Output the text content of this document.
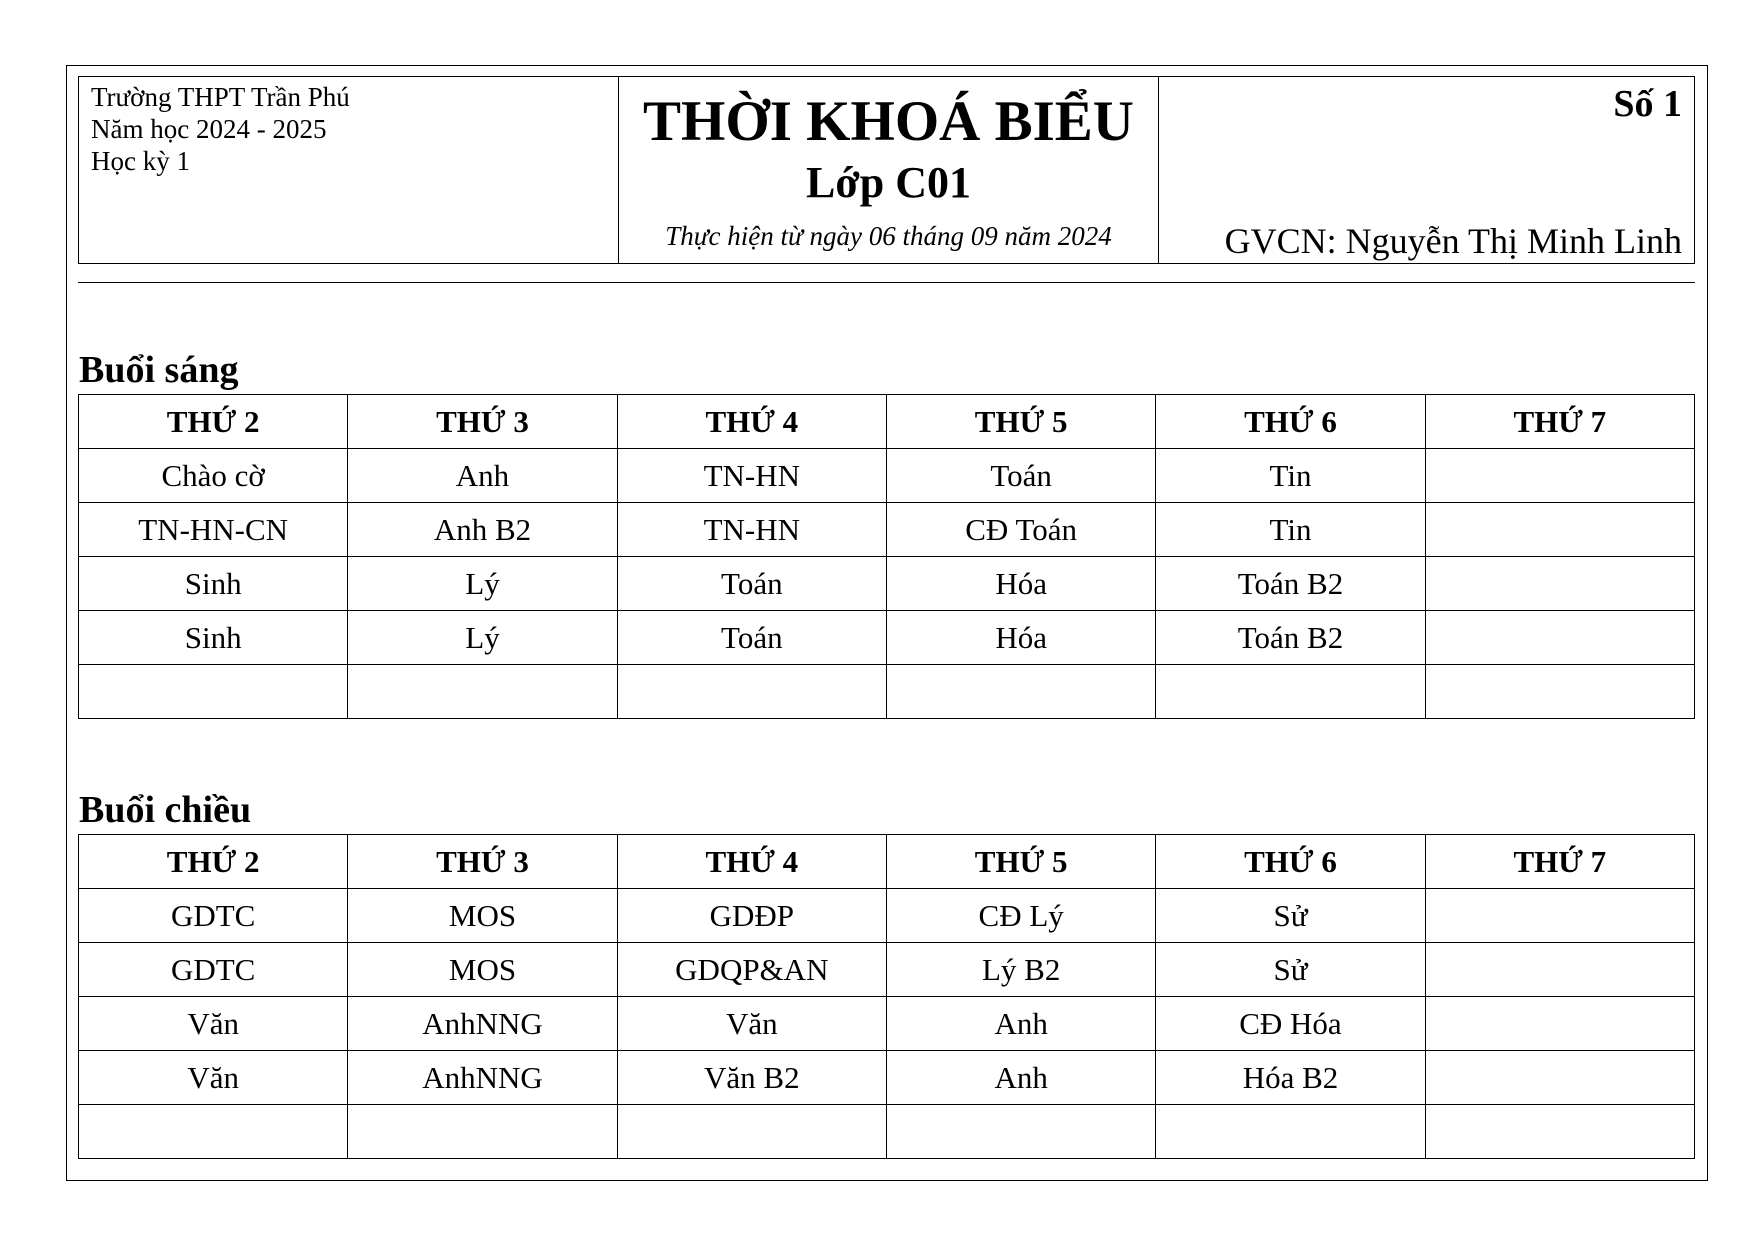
Trường THPT Trần Phú
Năm học 2024 - 2025
Học kỳ 1
THỜI KHOÁ BIỂU
Lớp C01
Thực hiện từ ngày 06 tháng 09 năm 2024
Số 1
GVCN: Nguyễn Thị Minh Linh
Buổi sáng
THỨ 2	THỨ 3	THỨ 4	THỨ 5	THỨ 6	THỨ 7
Chào cờ	Anh	TN-HN	Toán	Tin	
TN-HN-CN	Anh B2	TN-HN	CĐ Toán	Tin	
Sinh	Lý	Toán	Hóa	Toán B2	
Sinh	Lý	Toán	Hóa	Toán B2	

Buổi chiều
THỨ 2	THỨ 3	THỨ 4	THỨ 5	THỨ 6	THỨ 7
GDTC	MOS	GDĐP	CĐ Lý	Sử	
GDTC	MOS	GDQP&AN	Lý B2	Sử	
Văn	AnhNNG	Văn	Anh	CĐ Hóa	
Văn	AnhNNG	Văn B2	Anh	Hóa B2	
